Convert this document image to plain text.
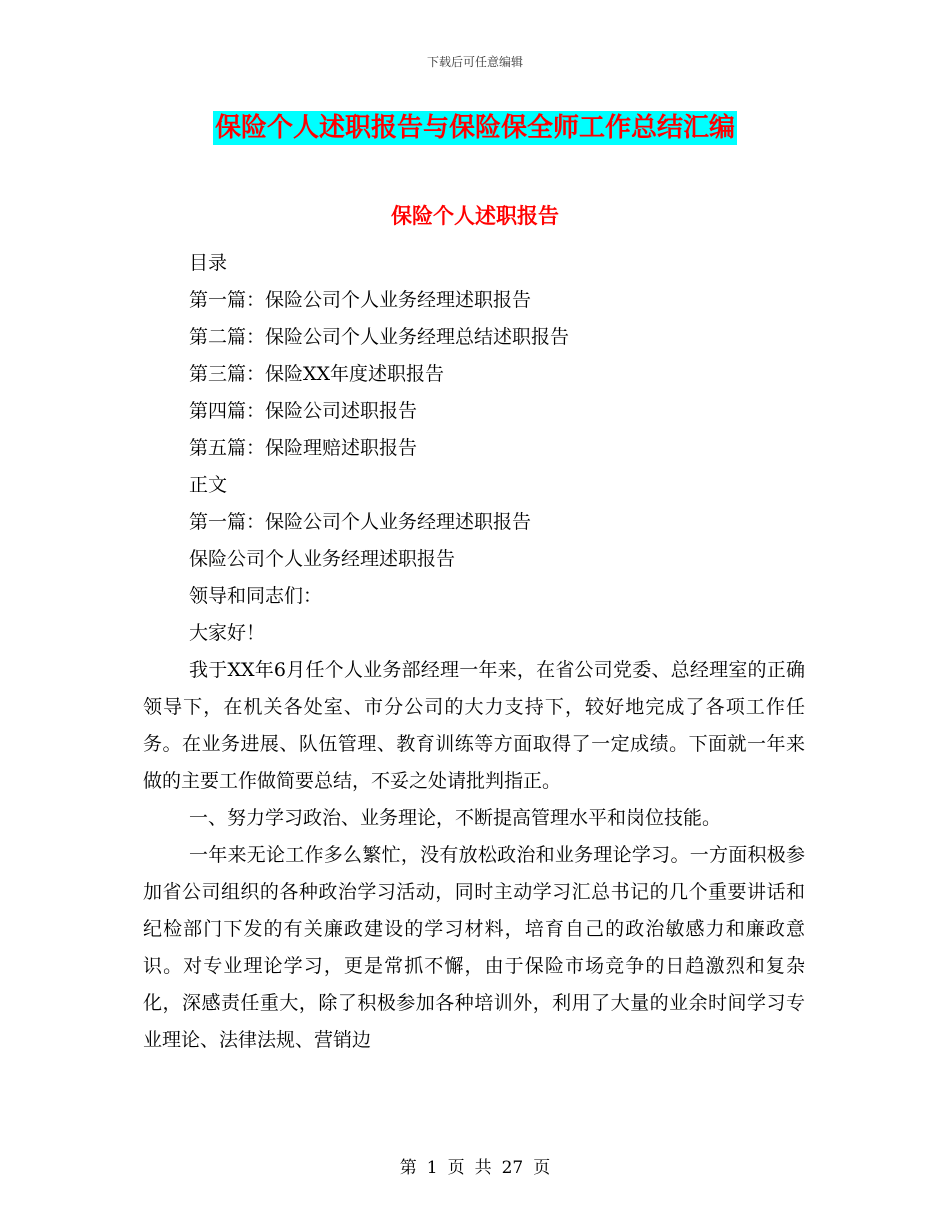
下载后可任意编辑
保险个人述职报告与保险保全师工作总结汇编
保险个人述职报告
目录
第一篇：保险公司个人业务经理述职报告
第二篇：保险公司个人业务经理总结述职报告
第三篇：保险XX年度述职报告
第四篇：保险公司述职报告
第五篇：保险理赔述职报告
正文
第一篇：保险公司个人业务经理述职报告
保险公司个人业务经理述职报告
领导和同志们：
大家好！

我于XX年6月任个人业务部经理一年来，在省公司党委、总经理室的正确领导下，在机关各处室、市分公司的大力支持下，较好地完成了各项工作任务。在业务进展、队伍管理、教育训练等方面取得了一定成绩。下面就一年来做的主要工作做简要总结，不妥之处请批判指正。

一、努力学习政治、业务理论，不断提高管理水平和岗位技能。

一年来无论工作多么繁忙，没有放松政治和业务理论学习。一方面积极参加省公司组织的各种政治学习活动，同时主动学习汇总书记的几个重要讲话和纪检部门下发的有关廉政建设的学习材料，培育自己的政治敏感力和廉政意识。对专业理论学习，更是常抓不懈，由于保险市场竞争的日趋激烈和复杂化，深感责任重大，除了积极参加各种培训外，利用了大量的业余时间学习专业理论、法律法规、营销边

第 1 页 共 27 页
